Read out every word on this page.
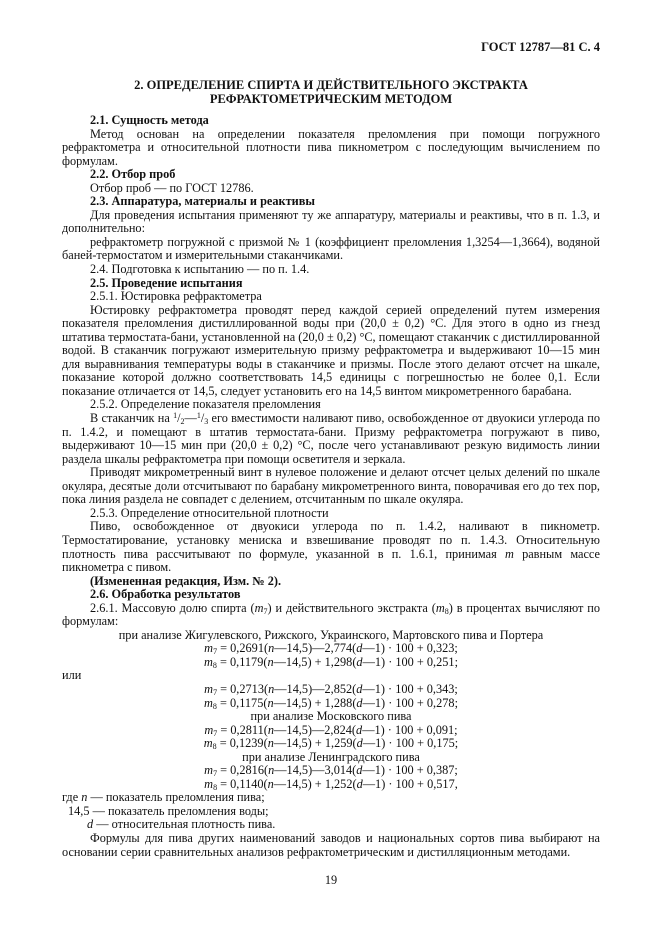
ГОСТ 12787—81 С. 4
2. ОПРЕДЕЛЕНИЕ СПИРТА И ДЕЙСТВИТЕЛЬНОГО ЭКСТРАКТА
РЕФРАКТОМЕТРИЧЕСКИМ МЕТОДОМ

2.1. Сущность метода

Метод основан на определении показателя преломления при помощи погружного рефрактометра и относительной плотности пива пикнометром с последующим вычислением по формулам.

2.2. Отбор проб

Отбор проб — по ГОСТ 12786.

2.3. Аппаратура, материалы и реактивы

Для проведения испытания применяют ту же аппаратуру, материалы и реактивы, что в п. 1.3, и дополнительно:

рефрактометр погружной с призмой № 1 (коэффициент преломления 1,3254—1,3664), водяной баней-термостатом и измерительными стаканчиками.

2.4. Подготовка к испытанию — по п. 1.4.

2.5. Проведение испытания

2.5.1. Юстировка рефрактометра

Юстировку рефрактометра проводят перед каждой серией определений путем измерения показателя преломления дистиллированной воды при (20,0 ± 0,2) °С. Для этого в одно из гнезд штатива термостата-бани, установленной на (20,0 ± 0,2) °С, помещают стаканчик с дистиллированной водой. В стаканчик погружают измерительную призму рефрактометра и выдерживают 10—15 мин для выравнивания температуры воды в стаканчике и призмы. После этого делают отсчет на шкале, показание которой должно соответствовать 14,5 единицы с погрешностью не более 0,1. Если показание отличается от 14,5, следует установить его на 14,5 винтом микрометренного барабана.

2.5.2. Определение показателя преломления

В стаканчик на $^1/_2—^1/_3$ его вместимости наливают пиво, освобожденное от двуокиси углерода по п. 1.4.2, и помещают в штатив термостата-бани. Призму рефрактометра погружают в пиво, выдерживают 10—15 мин при (20,0 ± 0,2) °С, после чего устанавливают резкую видимость линии раздела шкалы рефрактометра при помощи осветителя и зеркала.

Приводят микрометренный винт в нулевое положение и делают отсчет целых делений по шкале окуляра, десятые доли отсчитывают по барабану микрометренного винта, поворачивая его до тех пор, пока линия раздела не совпадет с делением, отсчитанным по шкале окуляра.

2.5.3. Определение относительной плотности

Пиво, освобожденное от двуокиси углерода по п. 1.4.2, наливают в пикнометр. Термостатирование, установку мениска и взвешивание проводят по п. 1.4.3. Относительную плотность пива рассчитывают по формуле, указанной в п. 1.6.1, принимая m равным массе пикнометра с пивом.

(Измененная редакция, Изм. № 2).

2.6. Обработка результатов

2.6.1. Массовую долю спирта $(m_7)$ и действительного экстракта $(m_8)$ в процентах вычисляют по формулам:

при анализе Жигулевского, Рижского, Украинского, Мартовского пива и Портера

$m_7$ = 0,2691(n—14,5)—2,774(d—1) · 100 + 0,323;

$m_8$ = 0,1179(n—14,5) + 1,298(d—1) · 100 + 0,251;

или

$m_7$ = 0,2713(n—14,5)—2,852(d—1) · 100 + 0,343;

$m_8$ = 0,1175(n—14,5) + 1,288(d—1) · 100 + 0,278;

при анализе Московского пива

$m_7$ = 0,2811(n—14,5)—2,824(d—1) · 100 + 0,091;

$m_8$ = 0,1239(n—14,5) + 1,259(d—1) · 100 + 0,175;

при анализе Ленинградского пива

$m_7$ = 0,2816(n—14,5)—3,014(d—1) · 100 + 0,387;

$m_8$ = 0,1140(n—14,5) + 1,252(d—1) · 100 + 0,517,

где n — показатель преломления пива;

14,5 — показатель преломления воды;

d — относительная плотность пива.

Формулы для пива других наименований заводов и национальных сортов пива выбирают на основании серии сравнительных анализов рефрактометрическим и дистилляционным методами.

19
